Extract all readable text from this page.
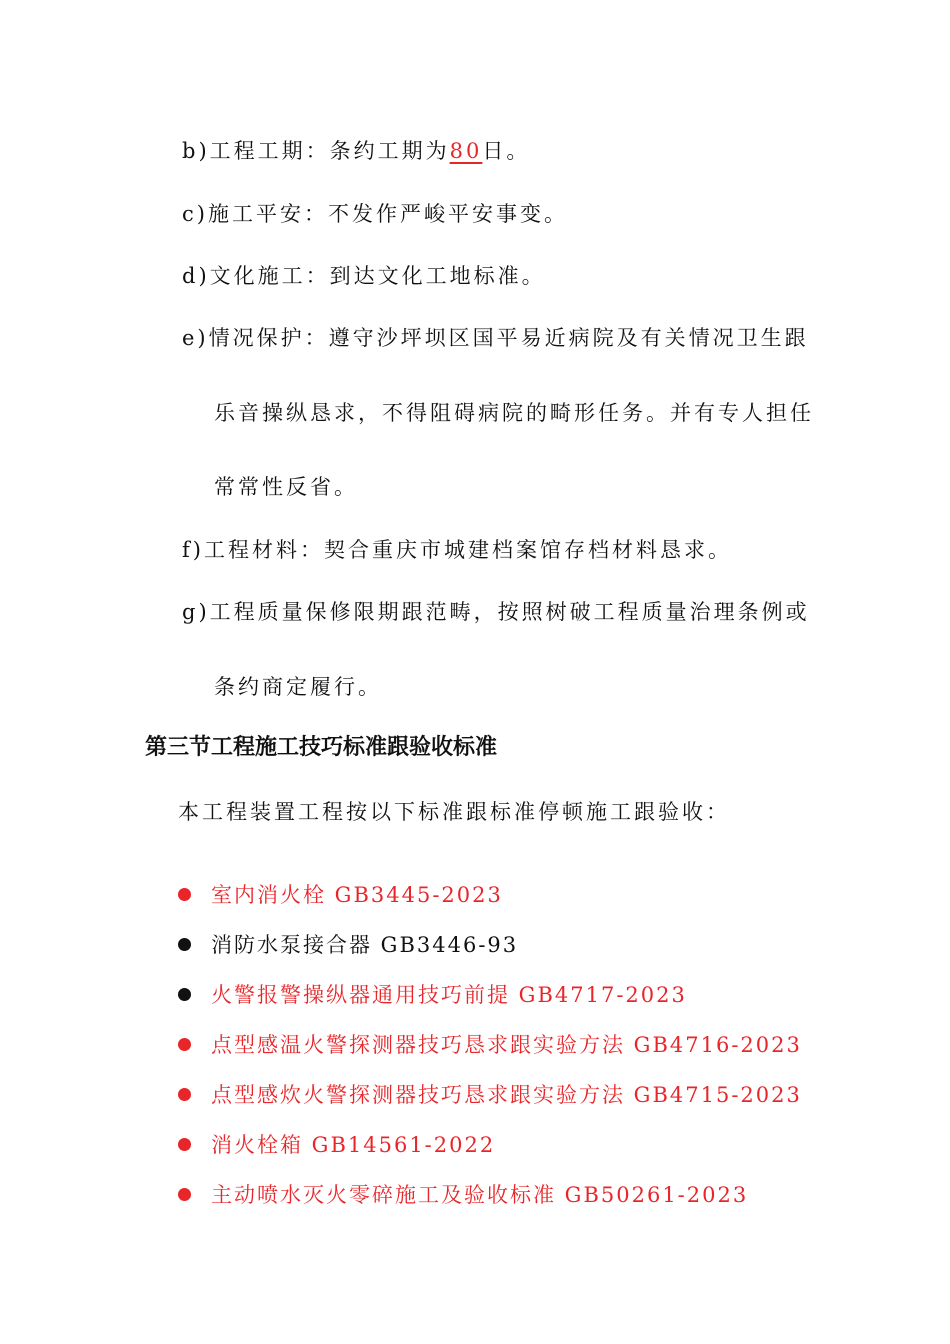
b)工程工期：条约工期为80日。
c)施工平安：不发作严峻平安事变。
d)文化施工：到达文化工地标准。
e)情况保护：遵守沙坪坝区国平易近病院及有关情况卫生跟
乐音操纵恳求，不得阻碍病院的畸形任务。并有专人担任
常常性反省。
f)工程材料：契合重庆市城建档案馆存档材料恳求。
g)工程质量保修限期跟范畴，按照树破工程质量治理条例或
条约商定履行。
第三节工程施工技巧标准跟验收标准
本工程装置工程按以下标准跟标准停顿施工跟验收：
室内消火栓 GB3445-2023
消防水泵接合器 GB3446-93
火警报警操纵器通用技巧前提 GB4717-2023
点型感温火警探测器技巧恳求跟实验方法 GB4716-2023
点型感炊火警探测器技巧恳求跟实验方法 GB4715-2023
消火栓箱 GB14561-2022
主动喷水灭火零碎施工及验收标准 GB50261-2023
